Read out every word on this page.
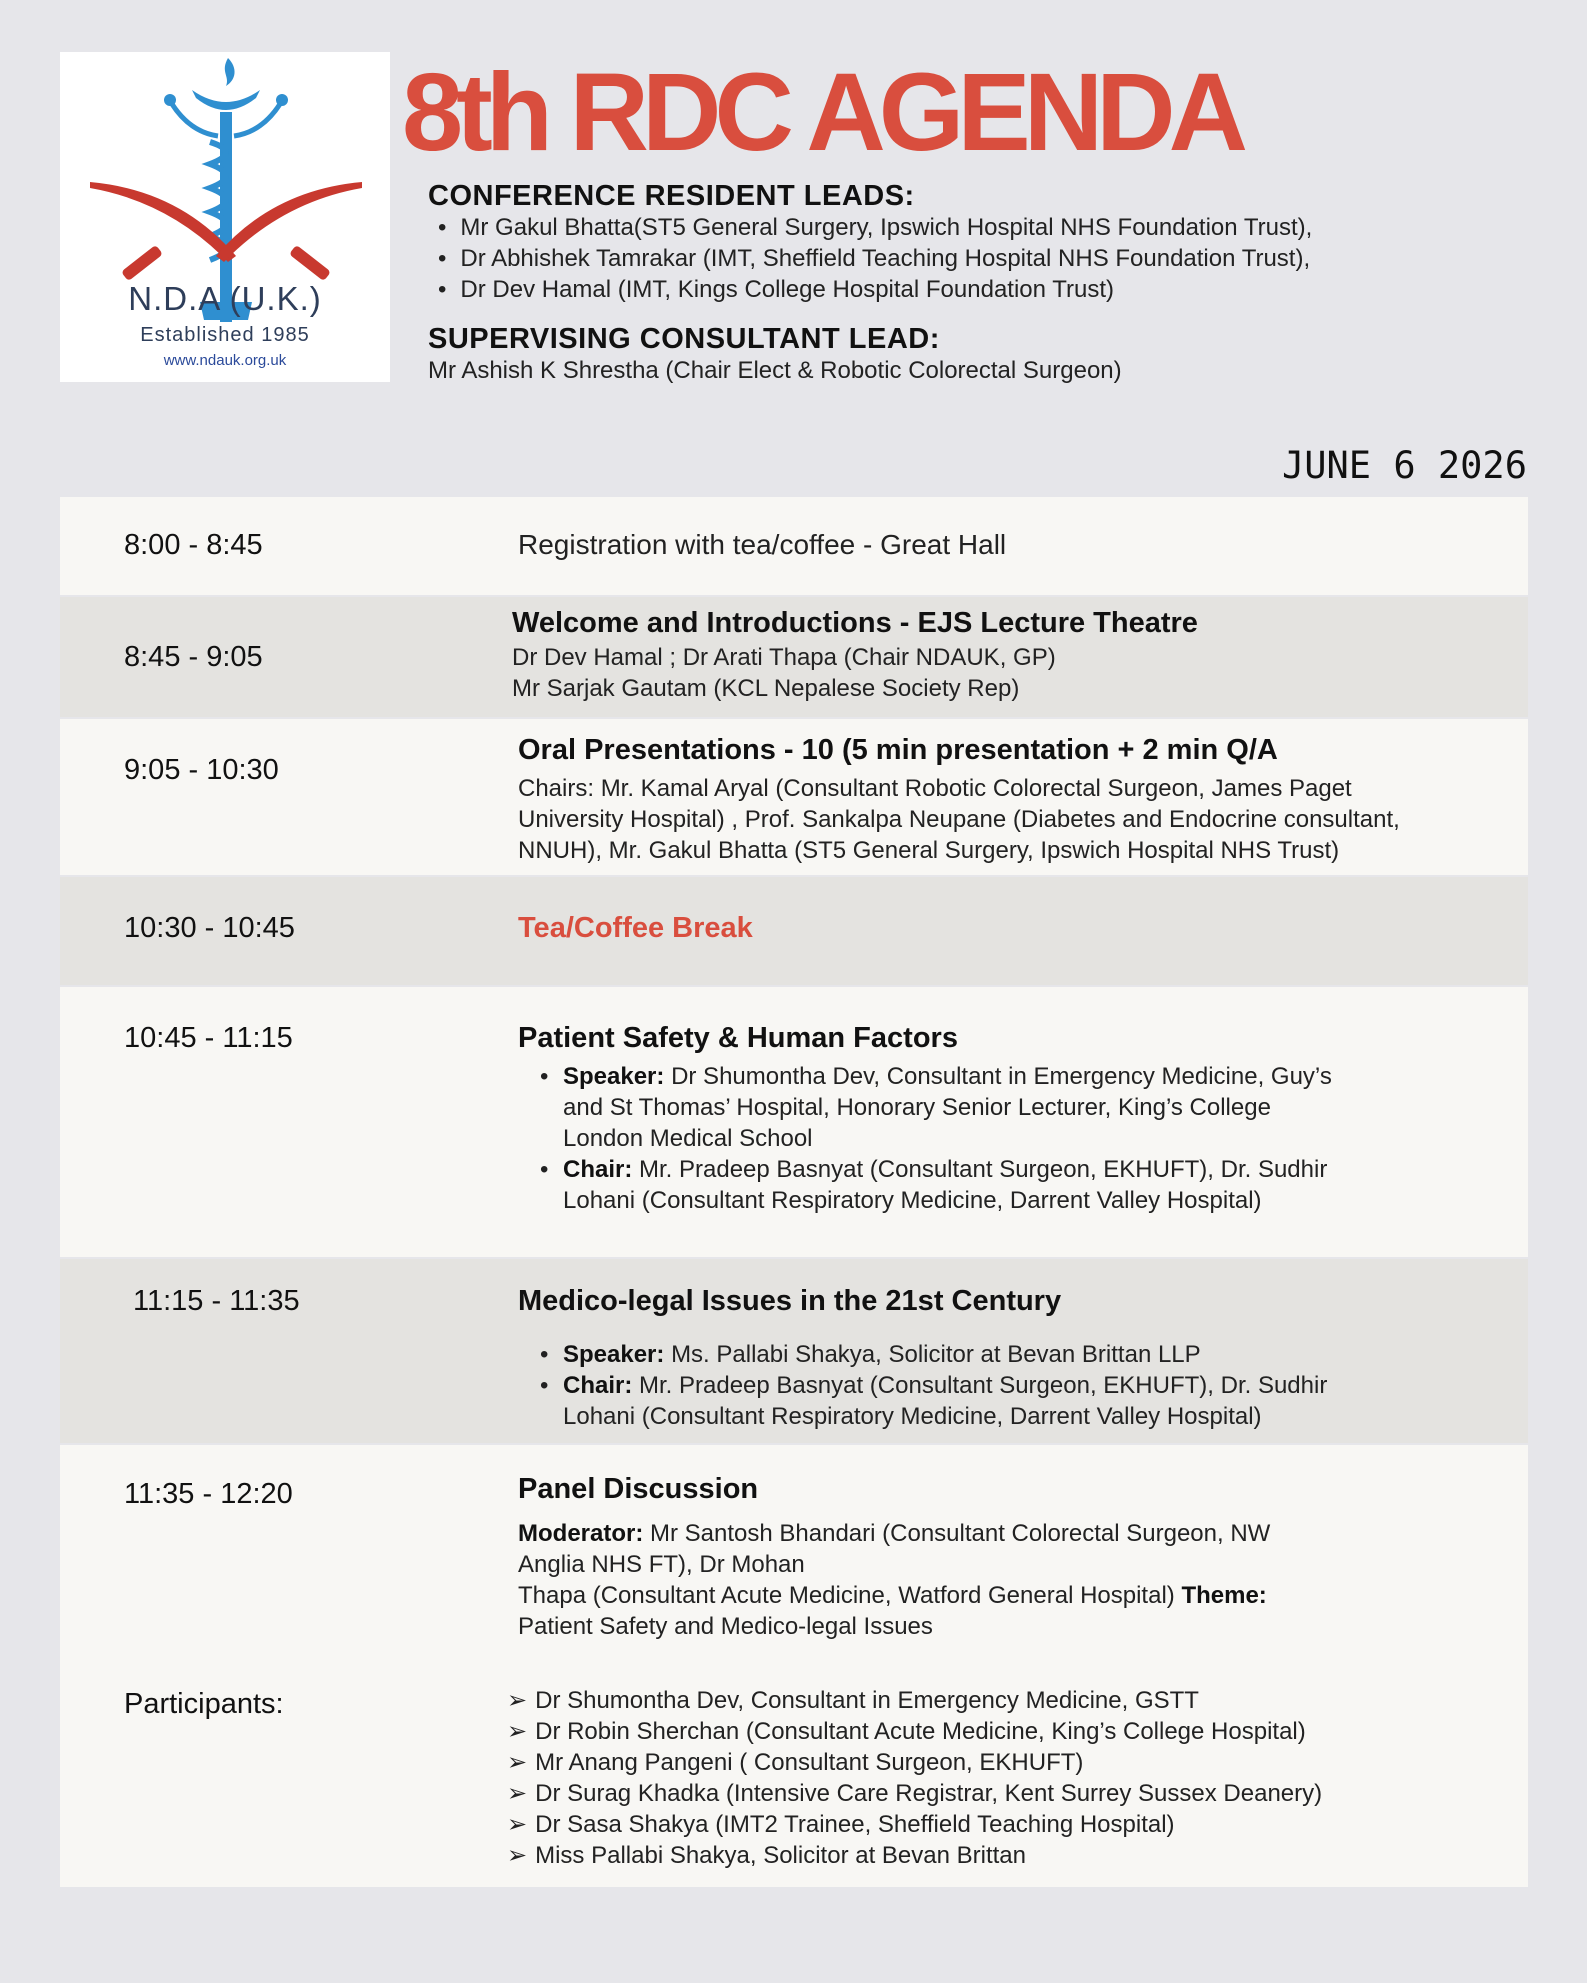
N.D.A (U.K.)
Established 1985
www.ndauk.org.uk
8th RDC AGENDA
CONFERENCE RESIDENT LEADS:
• Mr Gakul Bhatta(ST5 General Surgery, Ipswich Hospital NHS Foundation Trust),
• Dr Abhishek Tamrakar (IMT, Sheffield Teaching Hospital NHS Foundation Trust),
• Dr Dev Hamal (IMT, Kings College Hospital Foundation Trust)
SUPERVISING CONSULTANT LEAD:
Mr Ashish K Shrestha (Chair Elect & Robotic Colorectal Surgeon)
JUNE 6 2026
8:00 - 8:45	Registration with tea/coffee - Great Hall
8:45 - 9:05
Welcome and Introductions - EJS Lecture Theatre
Dr Dev Hamal ; Dr Arati Thapa (Chair NDAUK, GP)
Mr Sarjak Gautam (KCL Nepalese Society Rep)
9:05 - 10:30
Oral Presentations - 10 (5 min presentation + 2 min Q/A
Chairs: Mr. Kamal Aryal (Consultant Robotic Colorectal Surgeon, James Paget
University Hospital) , Prof. Sankalpa Neupane (Diabetes and Endocrine consultant,
NNUH), Mr. Gakul Bhatta (ST5 General Surgery, Ipswich Hospital NHS Trust)
10:30 - 10:45	Tea/Coffee Break
10:45 - 11:15	Patient Safety & Human Factors
• Speaker: Dr Shumontha Dev, Consultant in Emergency Medicine, Guy’s
and St Thomas’ Hospital, Honorary Senior Lecturer, King’s College
London Medical School
• Chair: Mr. Pradeep Basnyat (Consultant Surgeon, EKHUFT), Dr. Sudhir
Lohani (Consultant Respiratory Medicine, Darrent Valley Hospital)
11:15 - 11:35	Medico-legal Issues in the 21st Century
• Speaker: Ms. Pallabi Shakya, Solicitor at Bevan Brittan LLP
• Chair: Mr. Pradeep Basnyat (Consultant Surgeon, EKHUFT), Dr. Sudhir
Lohani (Consultant Respiratory Medicine, Darrent Valley Hospital)
11:35 - 12:20	Panel Discussion
Moderator: Mr Santosh Bhandari (Consultant Colorectal Surgeon, NW
Anglia NHS FT), Dr Mohan
Thapa (Consultant Acute Medicine, Watford General Hospital) Theme:
Patient Safety and Medico-legal Issues
Participants:
➢	Dr Shumontha Dev, Consultant in Emergency Medicine, GSTT
➢ Dr Robin Sherchan (Consultant Acute Medicine, King’s College Hospital)
➢ Mr Anang Pangeni ( Consultant Surgeon, EKHUFT)
➢ Dr Surag Khadka (Intensive Care Registrar, Kent Surrey Sussex Deanery)
➢ Dr Sasa Shakya (IMT2 Trainee, Sheffield Teaching Hospital)
➢ Miss Pallabi Shakya, Solicitor at Bevan Brittan
